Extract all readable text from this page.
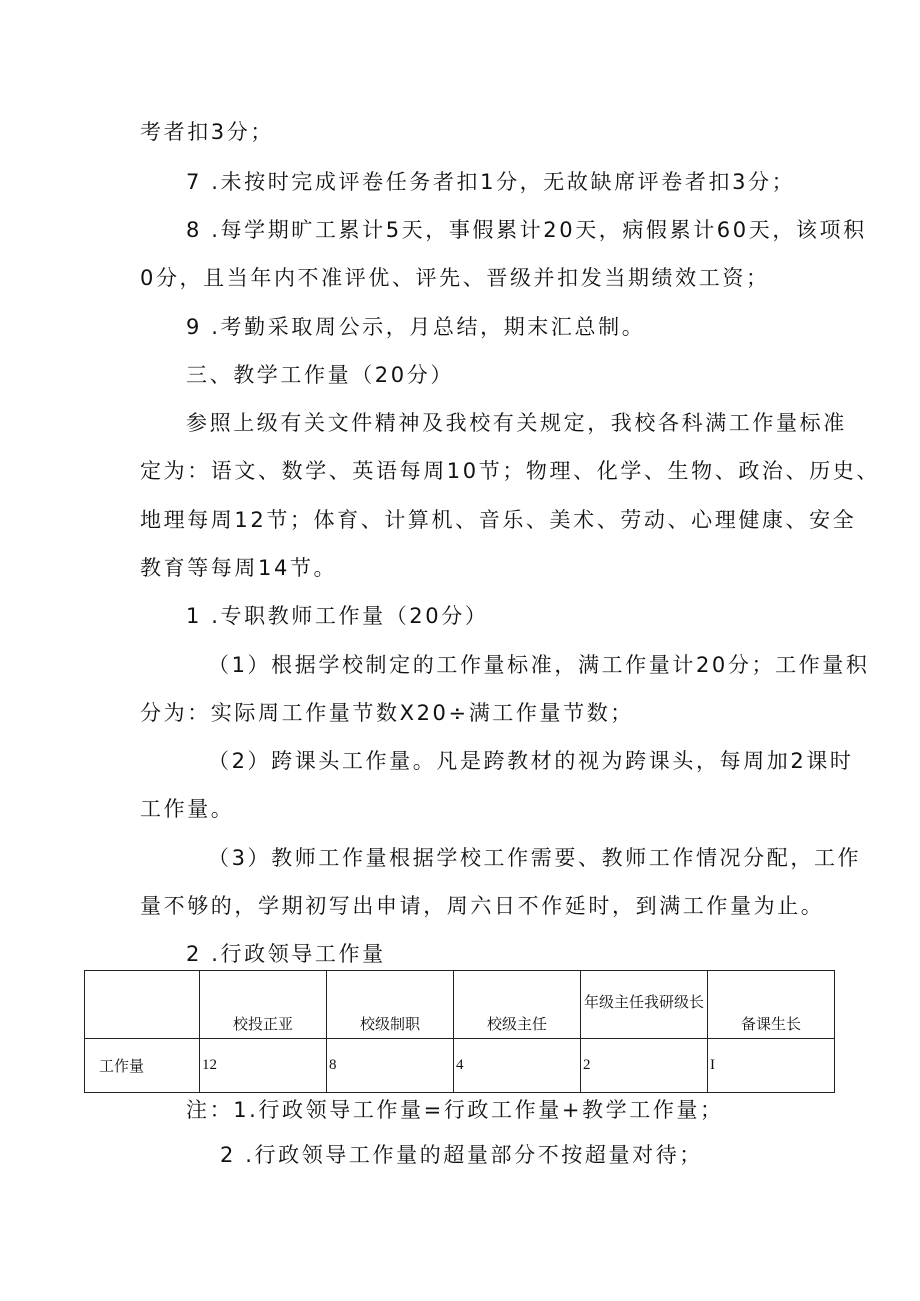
考者扣3分；
7 .未按时完成评卷任务者扣1分，无故缺席评卷者扣3分；
8 .每学期旷工累计5天，事假累计20天，病假累计60天，该项积
0分，且当年内不准评优、评先、晋级并扣发当期绩效工资；
9 .考勤采取周公示，月总结，期末汇总制。
三、教学工作量（20分）
参照上级有关文件精神及我校有关规定，我校各科满工作量标准
定为：语文、数学、英语每周10节；物理、化学、生物、政治、历史、
地理每周12节；体育、计算机、音乐、美术、劳动、心理健康、安全
教育等每周14节。
1 .专职教师工作量（20分）
（1）根据学校制定的工作量标准，满工作量计20分；工作量积
分为：实际周工作量节数X20÷满工作量节数；
（2）跨课头工作量。凡是跨教材的视为跨课头，每周加2课时
工作量。
（3）教师工作量根据学校工作需要、教师工作情况分配，工作
量不够的，学期初写出申请，周六日不作延时，到满工作量为止。
2 .行政领导工作量

	校投正亚	校级制职	校级主任	年级主任我研级长	备课生长

工作量	12	8	4	2	I
注：1.行政领导工作量=行政工作量+教学工作量；
2 .行政领导工作量的超量部分不按超量对待；
